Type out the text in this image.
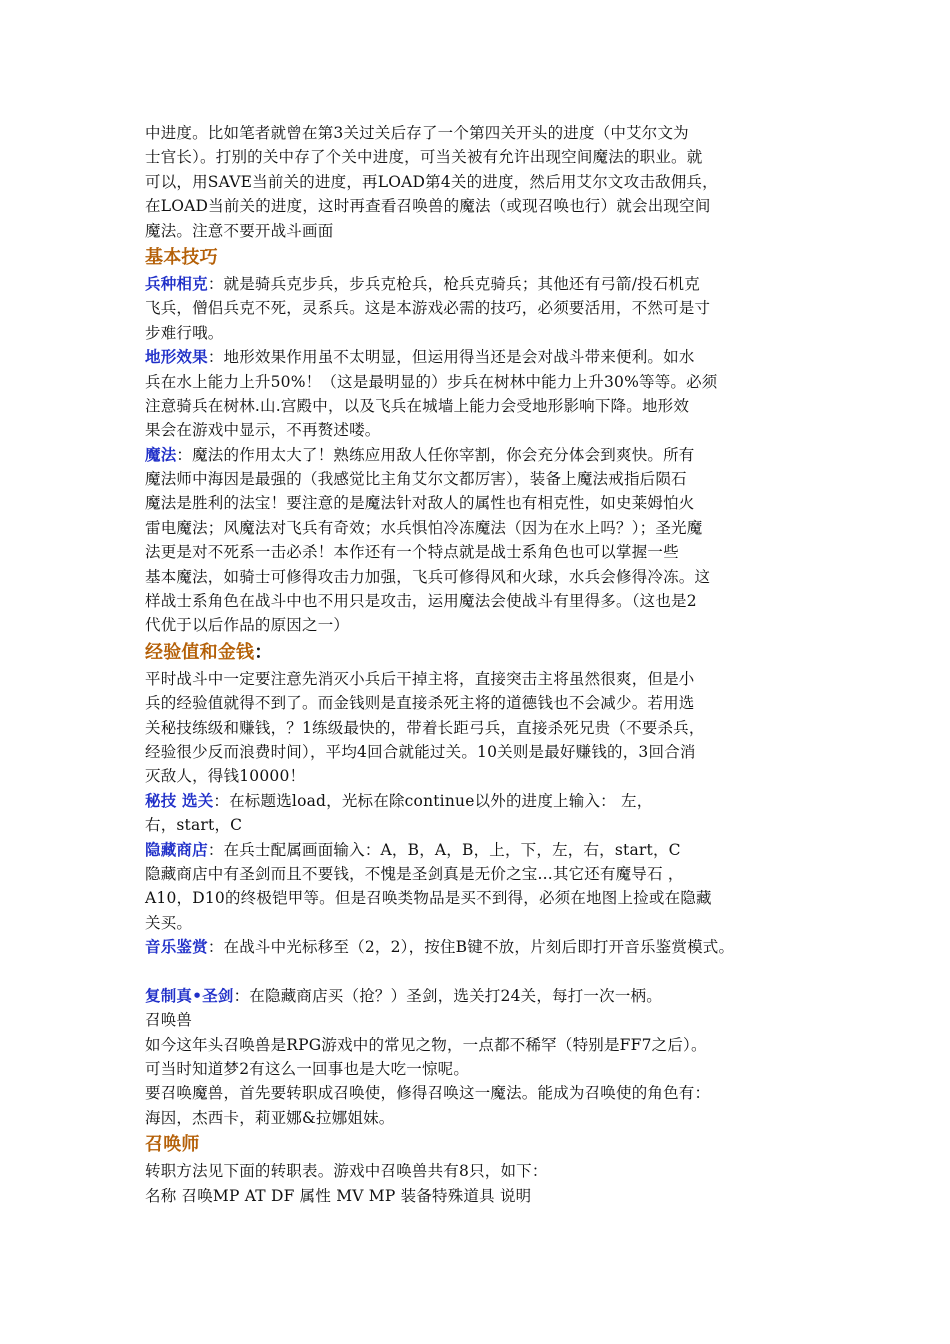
中进度。比如笔者就曾在第3关过关后存了一个第四关开头的进度（中艾尔文为
士官长）。打别的关中存了个关中进度，可当关被有允许出现空间魔法的职业。就
可以，用SAVE当前关的进度，再LOAD第4关的进度，然后用艾尔文攻击敌佣兵，
在LOAD当前关的进度，这时再查看召唤兽的魔法（或现召唤也行）就会出现空间
魔法。注意不要开战斗画面
基本技巧
兵种相克：就是骑兵克步兵，步兵克枪兵，枪兵克骑兵；其他还有弓箭/投石机克
飞兵，僧侣兵克不死，灵系兵。这是本游戏必需的技巧，必须要活用，不然可是寸
步难行哦。
地形效果：地形效果作用虽不太明显，但运用得当还是会对战斗带来便利。如水
兵在水上能力上升50%！（这是最明显的）步兵在树林中能力上升30%等等。必须
注意骑兵在树林.山.宫殿中，以及飞兵在城墙上能力会受地形影响下降。地形效
果会在游戏中显示，不再赘述喽。
魔法：魔法的作用太大了！熟练应用敌人任你宰割，你会充分体会到爽快。所有
魔法师中海因是最强的（我感觉比主角艾尔文都厉害），装备上魔法戒指后陨石
魔法是胜利的法宝！要注意的是魔法针对敌人的属性也有相克性，如史莱姆怕火
雷电魔法；风魔法对飞兵有奇效；水兵惧怕冷冻魔法（因为在水上吗？）；圣光魔
法更是对不死系一击必杀！本作还有一个特点就是战士系角色也可以掌握一些
基本魔法，如骑士可修得攻击力加强，飞兵可修得风和火球，水兵会修得冷冻。这
样战士系角色在战斗中也不用只是攻击，运用魔法会使战斗有里得多。（这也是2
代优于以后作品的原因之一）
经验值和金钱：
平时战斗中一定要注意先消灭小兵后干掉主将，直接突击主将虽然很爽，但是小
兵的经验值就得不到了。而金钱则是直接杀死主将的道德钱也不会减少。若用选
关秘技练级和赚钱，？1练级最快的，带着长距弓兵，直接杀死兄贵（不要杀兵，
经验很少反而浪费时间），平均4回合就能过关。10关则是最好赚钱的，3回合消
灭敌人，得钱10000！
秘技 选关：在标题选load，光标在除continue以外的进度上输入： 左，
右，start，C
隐藏商店：在兵士配属画面输入：A，B，A，B，上，下，左，右，start，C
隐藏商店中有圣剑而且不要钱，不愧是圣剑真是无价之宝...其它还有魔导石 ，
A10，D10的终极铠甲等。但是召唤类物品是买不到得，必须在地图上捡或在隐藏
关买。
音乐鉴赏：在战斗中光标移至（2，2），按住B键不放，片刻后即打开音乐鉴赏模式。
复制真•圣剑：在隐藏商店买（抢？）圣剑，选关打24关，每打一次一柄。
召唤兽
如今这年头召唤兽是RPG游戏中的常见之物，一点都不稀罕（特别是FF7之后）。
可当时知道梦2有这么一回事也是大吃一惊呢。
要召唤魔兽，首先要转职成召唤使，修得召唤这一魔法。能成为召唤使的角色有：
海因，杰西卡，莉亚娜&拉娜姐妹。
召唤师
转职方法见下面的转职表。游戏中召唤兽共有8只，如下：
名称 召唤MP AT DF 属性 MV MP 装备特殊道具 说明
